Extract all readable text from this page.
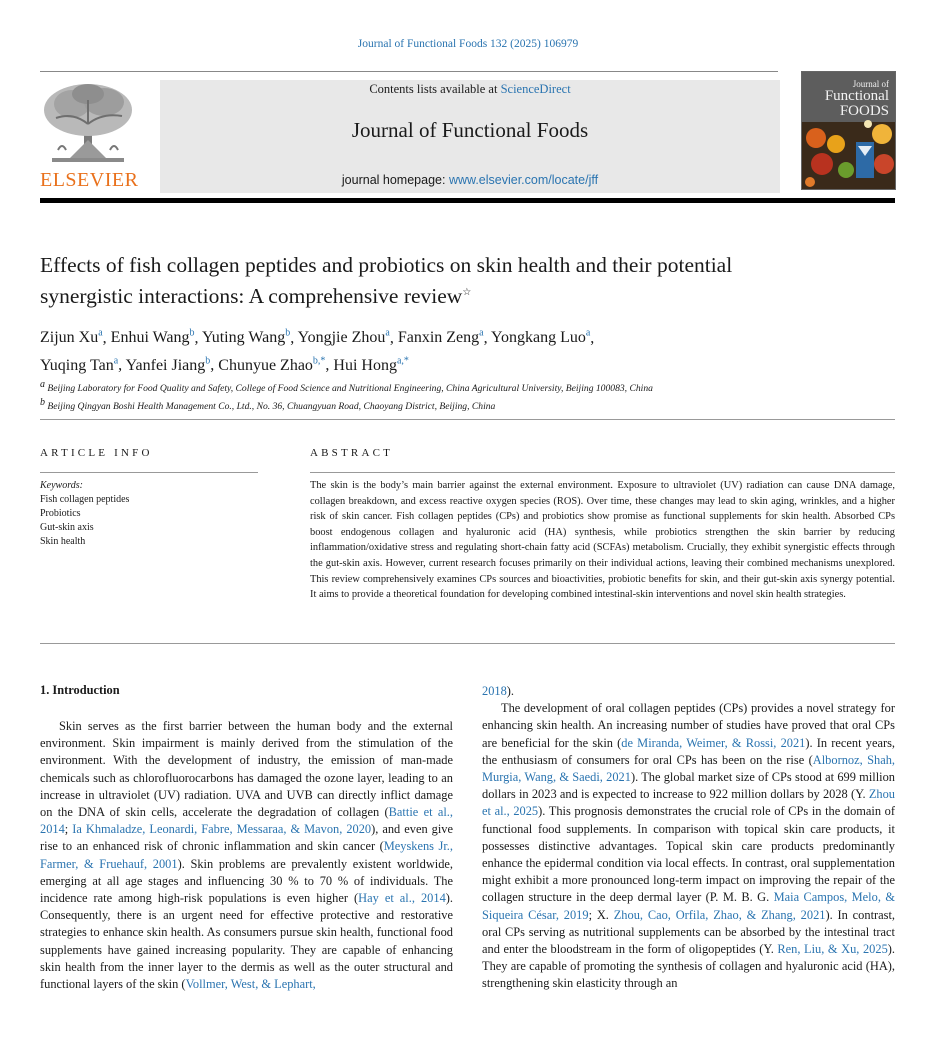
Journal of Functional Foods 132 (2025) 106979
ELSEVIER
Contents lists available at ScienceDirect
Journal of Functional Foods
journal homepage: www.elsevier.com/locate/jff
Journal of
Functional
FOODS
Effects of fish collagen peptides and probiotics on skin health and their potential synergistic interactions: A comprehensive review☆
Zijun Xu$^a$, Enhui Wang$^b$, Yuting Wang$^b$, Yongjie Zhou$^a$, Fanxin Zeng$^a$, Yongkang Luo$^a$,
Yuqing Tan$^a$, Yanfei Jiang$^b$, Chunyue Zhao$^{b,*}$, Hui Hong$^{a,*}$
$^a$ Beijing Laboratory for Food Quality and Safety, College of Food Science and Nutritional Engineering, China Agricultural University, Beijing 100083, China
$^b$ Beijing Qingyan Boshi Health Management Co., Ltd., No. 36, Chuangyuan Road, Chaoyang District, Beijing, China
ARTICLE INFO
Keywords:
Fish collagen peptides
Probiotics
Gut-skin axis
Skin health
ABSTRACT
The skin is the body’s main barrier against the external environment. Exposure to ultraviolet (UV) radiation can cause DNA damage, collagen breakdown, and excess reactive oxygen species (ROS). Over time, these changes may lead to skin aging, wrinkles, and a higher risk of skin cancer. Fish collagen peptides (CPs) and probiotics show promise as functional supplements for skin health. Absorbed CPs boost endogenous collagen and hyaluronic acid (HA) synthesis, while probiotics strengthen the skin barrier by reducing inflammation/oxidative stress and regulating short-chain fatty acid (SCFAs) metabolism. Crucially, they exhibit synergistic effects through the gut-skin axis. However, current research focuses primarily on their individual actions, leaving their combined mechanisms unexplored. This review comprehensively examines CPs sources and bioactivities, probiotic benefits for skin, and their gut-skin axis synergy potential. It aims to provide a theoretical foundation for developing combined intestinal-skin interventions and novel skin health strategies.
1. Introduction

Skin serves as the first barrier between the human body and the external environment. Skin impairment is mainly derived from the stimulation of the environment. With the development of industry, the emission of man-made chemicals such as chlorofluorocarbons has damaged the ozone layer, leading to an increase in ultraviolet (UV) radiation. UVA and UVB can directly inflict damage on the DNA of skin cells, accelerate the degradation of collagen (Battie et al., 2014; Ia Khmaladze, Leonardi, Fabre, Messaraa, & Mavon, 2020), and even give rise to an enhanced risk of chronic inflammation and skin cancer (Meyskens Jr., Farmer, & Fruehauf, 2001). Skin problems are prevalently existent worldwide, emerging at all age stages and influencing 30 % to 70 % of individuals. The incidence rate among high-risk populations is even higher (Hay et al., 2014). Consequently, there is an urgent need for effective protective and restorative strategies to enhance skin health. As consumers pursue skin health, functional food supplements have gained increasing popularity. They are capable of enhancing skin health from the inner layer to the dermis as well as the outer structural and functional layers of the skin (Vollmer, West, & Lephart,

2018).

The development of oral collagen peptides (CPs) provides a novel strategy for enhancing skin health. An increasing number of studies have proved that oral CPs are beneficial for the skin (de Miranda, Weimer, & Rossi, 2021). In recent years, the enthusiasm of consumers for oral CPs has been on the rise (Albornoz, Shah, Murgia, Wang, & Saedi, 2021). The global market size of CPs stood at 699 million dollars in 2023 and is expected to increase to 922 million dollars by 2028 (Y. Zhou et al., 2025). This prognosis demonstrates the crucial role of CPs in the domain of functional food supplements. In comparison with topical skin care products, it possesses distinctive advantages. Topical skin care products predominantly enhance the epidermal condition via local effects. In contrast, oral supplementation might exhibit a more pronounced long-term impact on improving the repair of the collagen structure in the deep dermal layer (P. M. B. G. Maia Campos, Melo, & Siqueira César, 2019; X. Zhou, Cao, Orfila, Zhao, & Zhang, 2021). In contrast, oral CPs serving as nutritional supplements can be absorbed by the intestinal tract and enter the bloodstream in the form of oligopeptides (Y. Ren, Liu, & Xu, 2025). They are capable of promoting the synthesis of collagen and hyaluronic acid (HA), strengthening skin elasticity through an
